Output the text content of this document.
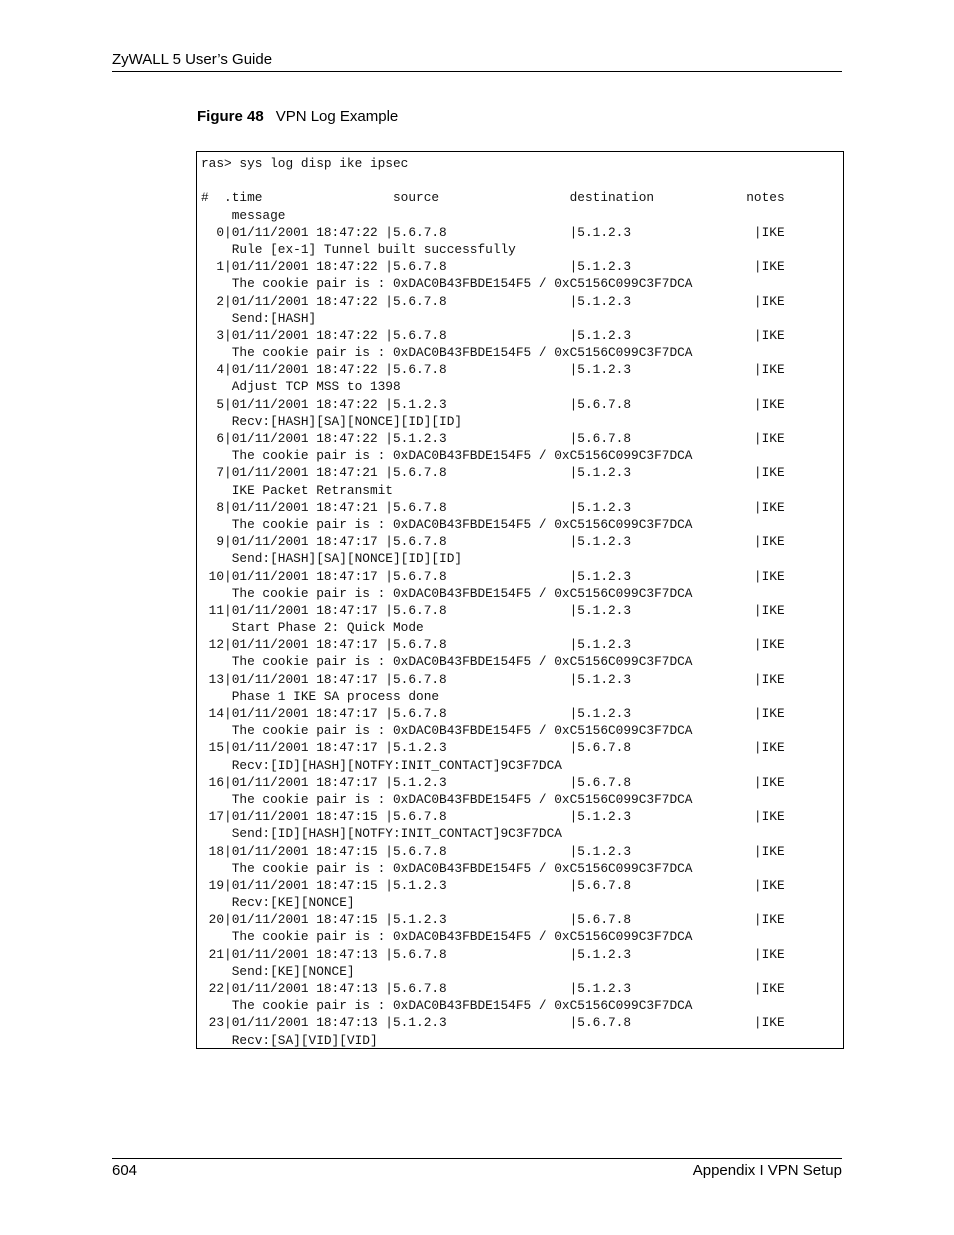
ZyWALL 5 User’s Guide
Figure 48 VPN Log Example
ras> sys log disp ike ipsec
#  .time                 source                 destination            notes
message
0|01/11/2001 18:47:22 |5.6.7.8                |5.1.2.3                |IKE
Rule [ex-1] Tunnel built successfully
1|01/11/2001 18:47:22 |5.6.7.8                |5.1.2.3                |IKE
The cookie pair is : 0xDAC0B43FBDE154F5 / 0xC5156C099C3F7DCA
2|01/11/2001 18:47:22 |5.6.7.8                |5.1.2.3                |IKE
Send:[HASH]
3|01/11/2001 18:47:22 |5.6.7.8                |5.1.2.3                |IKE
The cookie pair is : 0xDAC0B43FBDE154F5 / 0xC5156C099C3F7DCA
4|01/11/2001 18:47:22 |5.6.7.8                |5.1.2.3                |IKE
Adjust TCP MSS to 1398
5|01/11/2001 18:47:22 |5.1.2.3                |5.6.7.8                |IKE
Recv:[HASH][SA][NONCE][ID][ID]
6|01/11/2001 18:47:22 |5.1.2.3                |5.6.7.8                |IKE
The cookie pair is : 0xDAC0B43FBDE154F5 / 0xC5156C099C3F7DCA
7|01/11/2001 18:47:21 |5.6.7.8                |5.1.2.3                |IKE
IKE Packet Retransmit
8|01/11/2001 18:47:21 |5.6.7.8                |5.1.2.3                |IKE
The cookie pair is : 0xDAC0B43FBDE154F5 / 0xC5156C099C3F7DCA
9|01/11/2001 18:47:17 |5.6.7.8                |5.1.2.3                |IKE
Send:[HASH][SA][NONCE][ID][ID]
10|01/11/2001 18:47:17 |5.6.7.8                |5.1.2.3                |IKE
The cookie pair is : 0xDAC0B43FBDE154F5 / 0xC5156C099C3F7DCA
11|01/11/2001 18:47:17 |5.6.7.8                |5.1.2.3                |IKE
Start Phase 2: Quick Mode
12|01/11/2001 18:47:17 |5.6.7.8                |5.1.2.3                |IKE
The cookie pair is : 0xDAC0B43FBDE154F5 / 0xC5156C099C3F7DCA
13|01/11/2001 18:47:17 |5.6.7.8                |5.1.2.3                |IKE
Phase 1 IKE SA process done
14|01/11/2001 18:47:17 |5.6.7.8                |5.1.2.3                |IKE
The cookie pair is : 0xDAC0B43FBDE154F5 / 0xC5156C099C3F7DCA
15|01/11/2001 18:47:17 |5.1.2.3                |5.6.7.8                |IKE
Recv:[ID][HASH][NOTFY:INIT_CONTACT]9C3F7DCA
16|01/11/2001 18:47:17 |5.1.2.3                |5.6.7.8                |IKE
The cookie pair is : 0xDAC0B43FBDE154F5 / 0xC5156C099C3F7DCA
17|01/11/2001 18:47:15 |5.6.7.8                |5.1.2.3                |IKE
Send:[ID][HASH][NOTFY:INIT_CONTACT]9C3F7DCA
18|01/11/2001 18:47:15 |5.6.7.8                |5.1.2.3                |IKE
The cookie pair is : 0xDAC0B43FBDE154F5 / 0xC5156C099C3F7DCA
19|01/11/2001 18:47:15 |5.1.2.3                |5.6.7.8                |IKE
Recv:[KE][NONCE]
20|01/11/2001 18:47:15 |5.1.2.3                |5.6.7.8                |IKE
The cookie pair is : 0xDAC0B43FBDE154F5 / 0xC5156C099C3F7DCA
21|01/11/2001 18:47:13 |5.6.7.8                |5.1.2.3                |IKE
Send:[KE][NONCE]
22|01/11/2001 18:47:13 |5.6.7.8                |5.1.2.3                |IKE
The cookie pair is : 0xDAC0B43FBDE154F5 / 0xC5156C099C3F7DCA
23|01/11/2001 18:47:13 |5.1.2.3                |5.6.7.8                |IKE
Recv:[SA][VID][VID]
604	Appendix I VPN Setup
